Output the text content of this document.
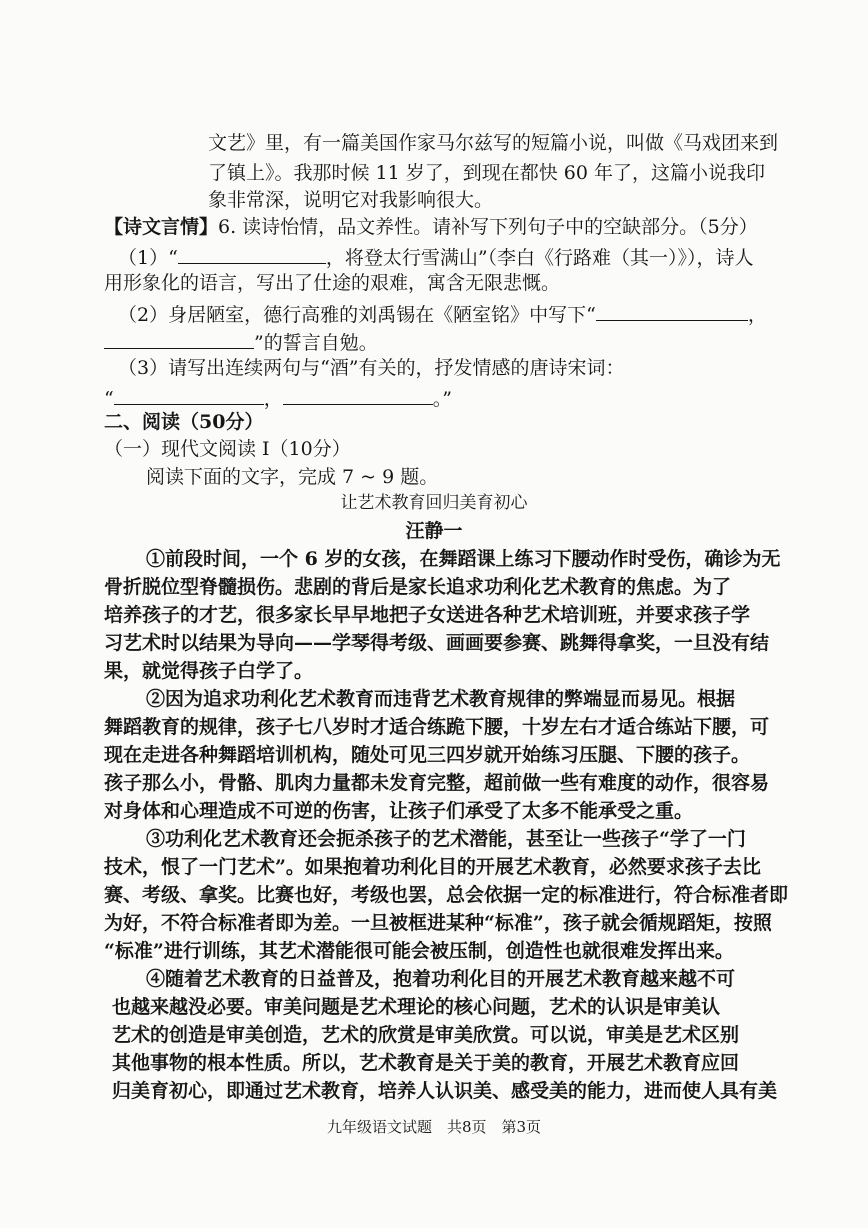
文艺》里，有一篇美国作家马尔兹写的短篇小说，叫做《马戏团来到
了镇上》。我那时候 11 岁了，到现在都快 60 年了，这篇小说我印
象非常深，说明它对我影响很大。
【诗文言情】6. 读诗怡情，品文养性。请补写下列句子中的空缺部分。（5分）
（1）“	，将登太行雪满山”（李白《行路难（其一）》），诗人
用形象化的语言，写出了仕途的艰难，寓含无限悲慨。
（2）身居陋室，德行高雅的刘禹锡在《陋室铭》中写下“	，
”的誓言自勉。
（3）请写出连续两句与“酒”有关的，抒发情感的唐诗宋词：
“	，	。”
二、阅读（50分）
（一）现代文阅读 I（10分）
阅读下面的文字，完成 7 ~ 9 题。
让艺术教育回归美育初心
汪静一
①前段时间，一个 6 岁的女孩，在舞蹈课上练习下腰动作时受伤，确诊为无
骨折脱位型脊髓损伤。悲剧的背后是家长追求功利化艺术教育的焦虑。为了
培养孩子的才艺，很多家长早早地把子女送进各种艺术培训班，并要求孩子学
习艺术时以结果为导向——学琴得考级、画画要参赛、跳舞得拿奖，一旦没有结
果，就觉得孩子白学了。
②因为追求功利化艺术教育而违背艺术教育规律的弊端显而易见。根据
舞蹈教育的规律，孩子七八岁时才适合练跪下腰，十岁左右才适合练站下腰，可
现在走进各种舞蹈培训机构，随处可见三四岁就开始练习压腿、下腰的孩子。
孩子那么小，骨骼、肌肉力量都未发育完整，超前做一些有难度的动作，很容易
对身体和心理造成不可逆的伤害，让孩子们承受了太多不能承受之重。
③功利化艺术教育还会扼杀孩子的艺术潜能，甚至让一些孩子“学了一门
技术，恨了一门艺术”。如果抱着功利化目的开展艺术教育，必然要求孩子去比
赛、考级、拿奖。比赛也好，考级也罢，总会依据一定的标准进行，符合标准者即
为好，不符合标准者即为差。一旦被框进某种“标准”，孩子就会循规蹈矩，按照
“标准”进行训练，其艺术潜能很可能会被压制，创造性也就很难发挥出来。
④随着艺术教育的日益普及，抱着功利化目的开展艺术教育越来越不可
也越来越没必要。审美问题是艺术理论的核心问题，艺术的认识是审美认
艺术的创造是审美创造，艺术的欣赏是审美欣赏。可以说，审美是艺术区别
其他事物的根本性质。所以，艺术教育是关于美的教育，开展艺术教育应回
归美育初心，即通过艺术教育，培养人认识美、感受美的能力，进而使人具有美
九年级语文试题　共8页　第3页
